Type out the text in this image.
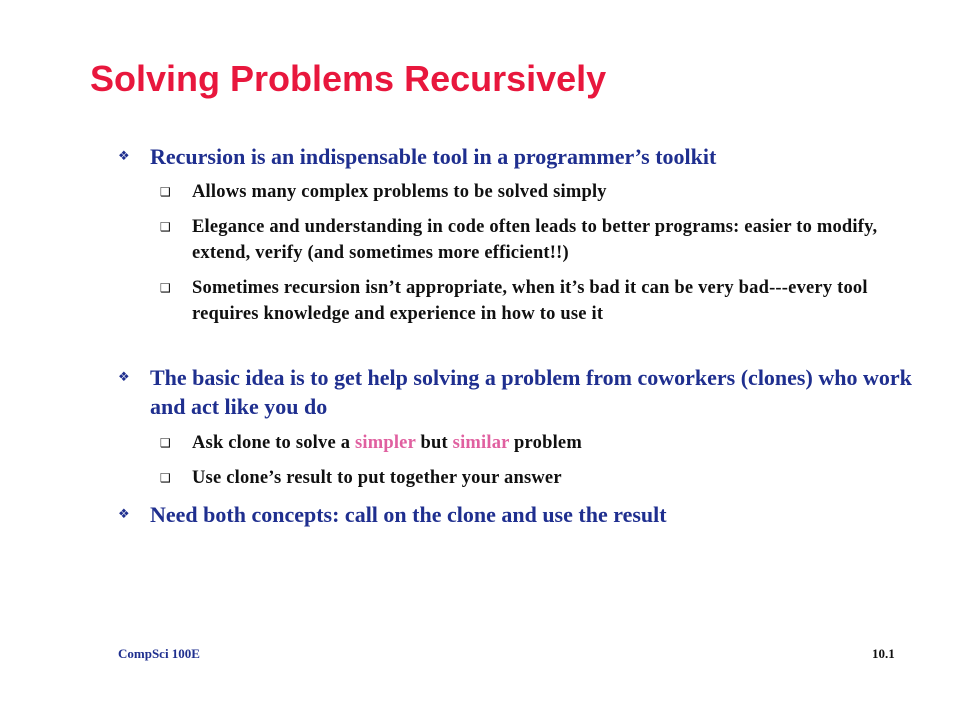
Solving Problems Recursively
❖ Recursion is an indispensable tool in a programmer’s toolkit
❑ Allows many complex problems to be solved simply
❑ Elegance and understanding in code often leads to better programs: easier to modify, extend, verify (and sometimes more efficient!!)
❑ Sometimes recursion isn’t appropriate, when it’s bad it can be very bad---every tool requires knowledge and experience in how to use it
❖ The basic idea is to get help solving a problem from coworkers (clones) who work and act like you do
❑ Ask clone to solve a simpler but similar problem
❑ Use clone’s result to put together your answer
❖ Need both concepts: call on the clone and use the result
CompSci 100E	10.1
